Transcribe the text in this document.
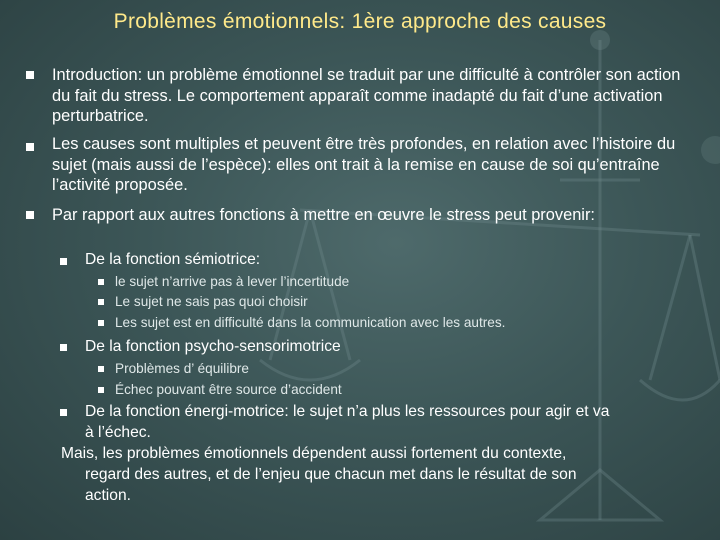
Problèmes émotionnels: 1ère approche des causes
Introduction: un problème émotionnel se traduit par une difficulté à contrôler son action du fait du stress. Le comportement apparaît comme inadapté du fait d’une activation perturbatrice.
Les causes sont multiples et peuvent être très profondes, en relation avec l’histoire du sujet (mais aussi de l’espèce): elles ont trait à la remise en cause de soi qu’entraîne l’activité proposée.
Par rapport aux autres fonctions à mettre en œuvre le stress peut provenir:
De la fonction sémiotrice:
le sujet n’arrive pas à lever l’incertitude
Le sujet ne sais pas quoi choisir
Les sujet est en difficulté dans la communication avec les autres.
De la fonction psycho-sensorimotrice
Problèmes d’ équilibre
Échec pouvant être source d’accident
De la fonction énergi-motrice: le sujet n’a plus les ressources pour agir et va
à l’échec.
Mais, les problèmes émotionnels dépendent aussi fortement du contexte,
regard des autres, et de l’enjeu que chacun met dans le résultat de son
action.
